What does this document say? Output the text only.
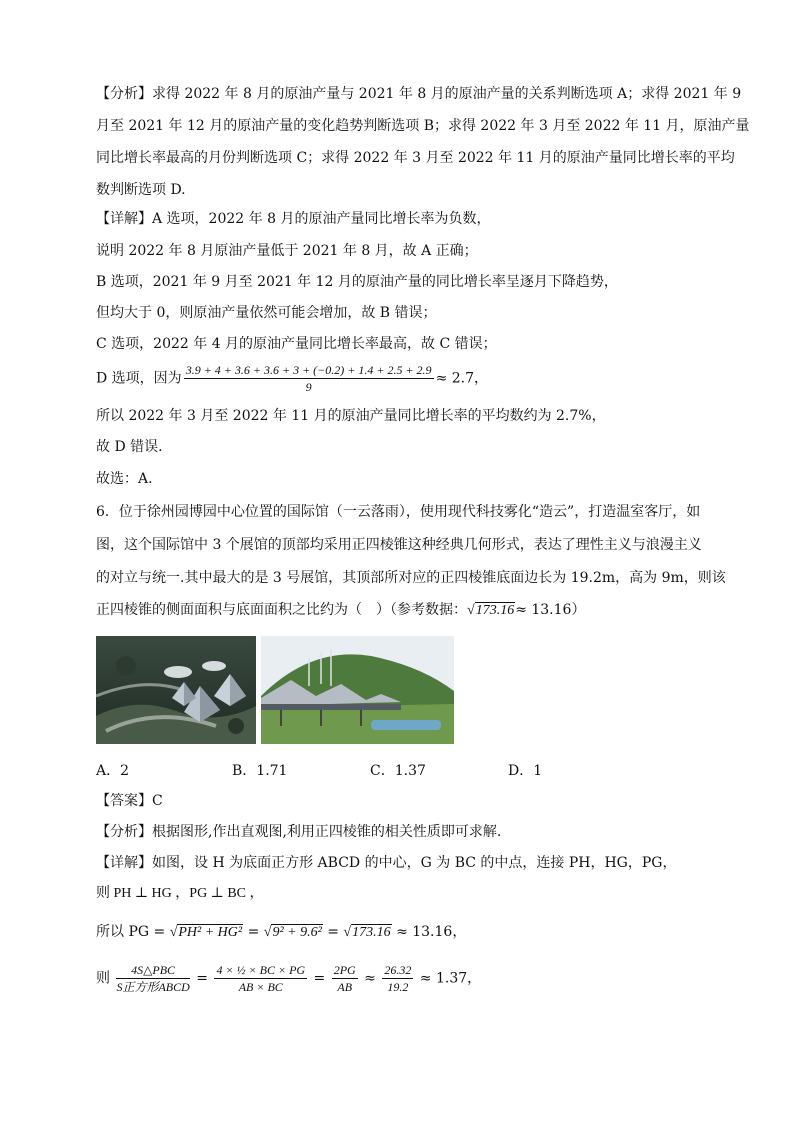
【分析】求得 2022 年 8 月的原油产量与 2021 年 8 月的原油产量的关系判断选项 A；求得 2021 年 9
月至 2021 年 12 月的原油产量的变化趋势判断选项 B；求得 2022 年 3 月至 2022 年 11 月，原油产量
同比增长率最高的月份判断选项 C；求得 2022 年 3 月至 2022 年 11 月的原油产量同比增长率的平均
数判断选项 D.
【详解】A 选项，2022 年 8 月的原油产量同比增长率为负数，
说明 2022 年 8 月原油产量低于 2021 年 8 月，故 A 正确；
B 选项，2021 年 9 月至 2021 年 12 月的原油产量的同比增长率呈逐月下降趋势，
但均大于 0，则原油产量依然可能会增加，故 B 错误；
C 选项，2022 年 4 月的原油产量同比增长率最高，故 C 错误；
D 选项，因为 $\frac{3.9 + 4 + 3.6 + 3.6 + 3 + (-0.2) + 1.4 + 2.5 + 2.9}{9} \approx 2.7$，
所以 2022 年 3 月至 2022 年 11 月的原油产量同比增长率的平均数约为 2.7%，
故 D 错误.
故选：A.
6．位于徐州园博园中心位置的国际馆（一云落雨），使用现代科技雾化“造云”，打造温室客厅，如
图，这个国际馆中 3 个展馆的顶部均采用正四棱锥这种经典几何形式，表达了理性主义与浪漫主义
的对立与统一.其中最大的是 3 号展馆，其顶部所对应的正四棱锥底面边长为 19.2m，高为 9m，则该
正四棱锥的侧面面积与底面面积之比约为（　）（参考数据：√173.16≈ 13.16）
A．2	B．1.71	C．1.37	D．1
【答案】C
【分析】根据图形,作出直观图,利用正四棱锥的相关性质即可求解.
【详解】如图，设 H 为底面正方形 ABCD 的中心，G 为 BC 的中点，连接 PH，HG，PG，
则 PH ⊥ HG ，PG ⊥ BC ，
所以 PG = √PH² + HG² = √9² + 9.6² = √173.16 ≈ 13.16，
则 $\frac{\text{4S△PBC}}{\text{S正方形ABCD}} = \frac{\text{4 × ½ × BC × PG}}{AB \times BC} = \frac{2PG}{AB} \approx \frac{26.32}{19.2} \approx 1.37$，
